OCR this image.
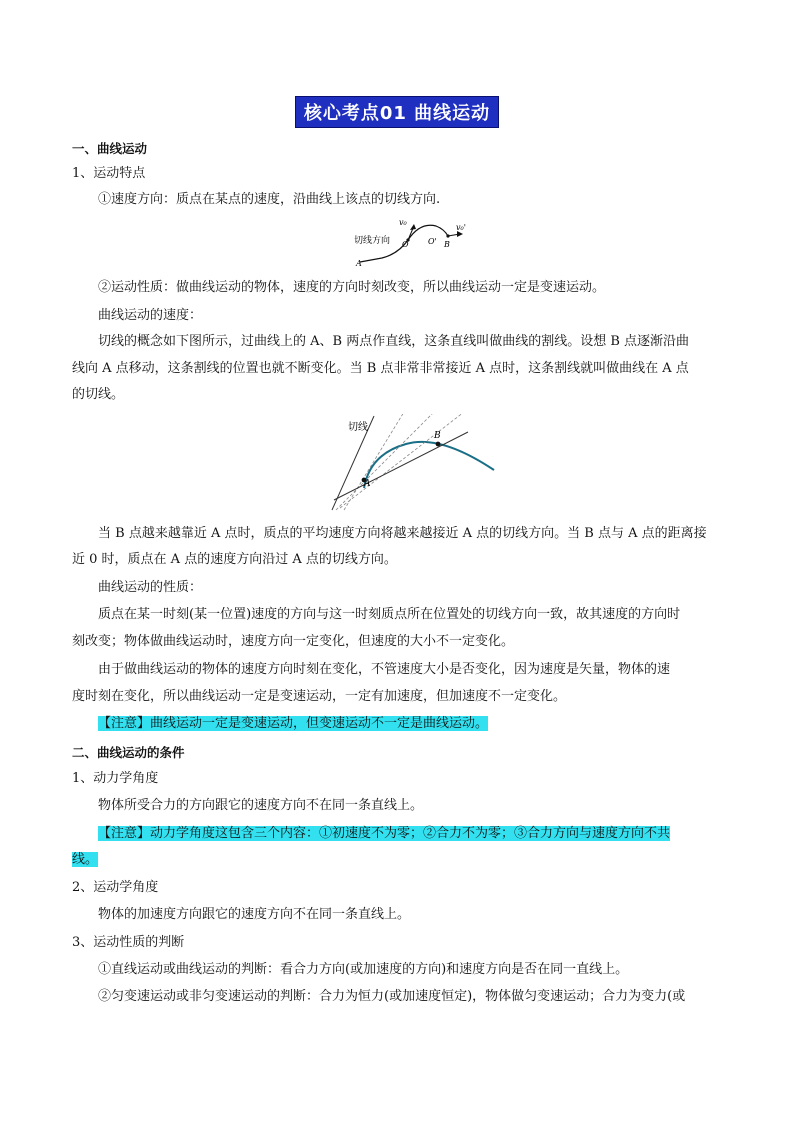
核心考点01 曲线运动
一、曲线运动
1、运动特点
①速度方向：质点在某点的速度，沿曲线上该点的切线方向.
切线方向
v₀
O O'
v₀'
B
A
②运动性质：做曲线运动的物体，速度的方向时刻改变，所以曲线运动一定是变速运动。
曲线运动的速度：
切线的概念如下图所示，过曲线上的 A、B 两点作直线，这条直线叫做曲线的割线。设想 B 点逐渐沿曲
线向 A 点移动，这条割线的位置也就不断变化。当 B 点非常非常接近 A 点时，这条割线就叫做曲线在 A 点
的切线。
切线
A
B
当 B 点越来越靠近 A 点时，质点的平均速度方向将越来越接近 A 点的切线方向。当 B 点与 A 点的距离接
近 0 时，质点在 A 点的速度方向沿过 A 点的切线方向。
曲线运动的性质：
质点在某一时刻(某一位置)速度的方向与这一时刻质点所在位置处的切线方向一致，故其速度的方向时
刻改变；物体做曲线运动时，速度方向一定变化，但速度的大小不一定变化。
由于做曲线运动的物体的速度方向时刻在变化，不管速度大小是否变化，因为速度是矢量，物体的速
度时刻在变化，所以曲线运动一定是变速运动，一定有加速度，但加速度不一定变化。
【注意】曲线运动一定是变速运动，但变速运动不一定是曲线运动。
二、曲线运动的条件
1、动力学角度
物体所受合力的方向跟它的速度方向不在同一条直线上。
【注意】动力学角度这包含三个内容：①初速度不为零；②合力不为零；③合力方向与速度方向不共
线。
2、运动学角度
物体的加速度方向跟它的速度方向不在同一条直线上。
3、运动性质的判断
①直线运动或曲线运动的判断：看合力方向(或加速度的方向)和速度方向是否在同一直线上。
②匀变速运动或非匀变速运动的判断：合力为恒力(或加速度恒定)，物体做匀变速运动；合力为变力(或
